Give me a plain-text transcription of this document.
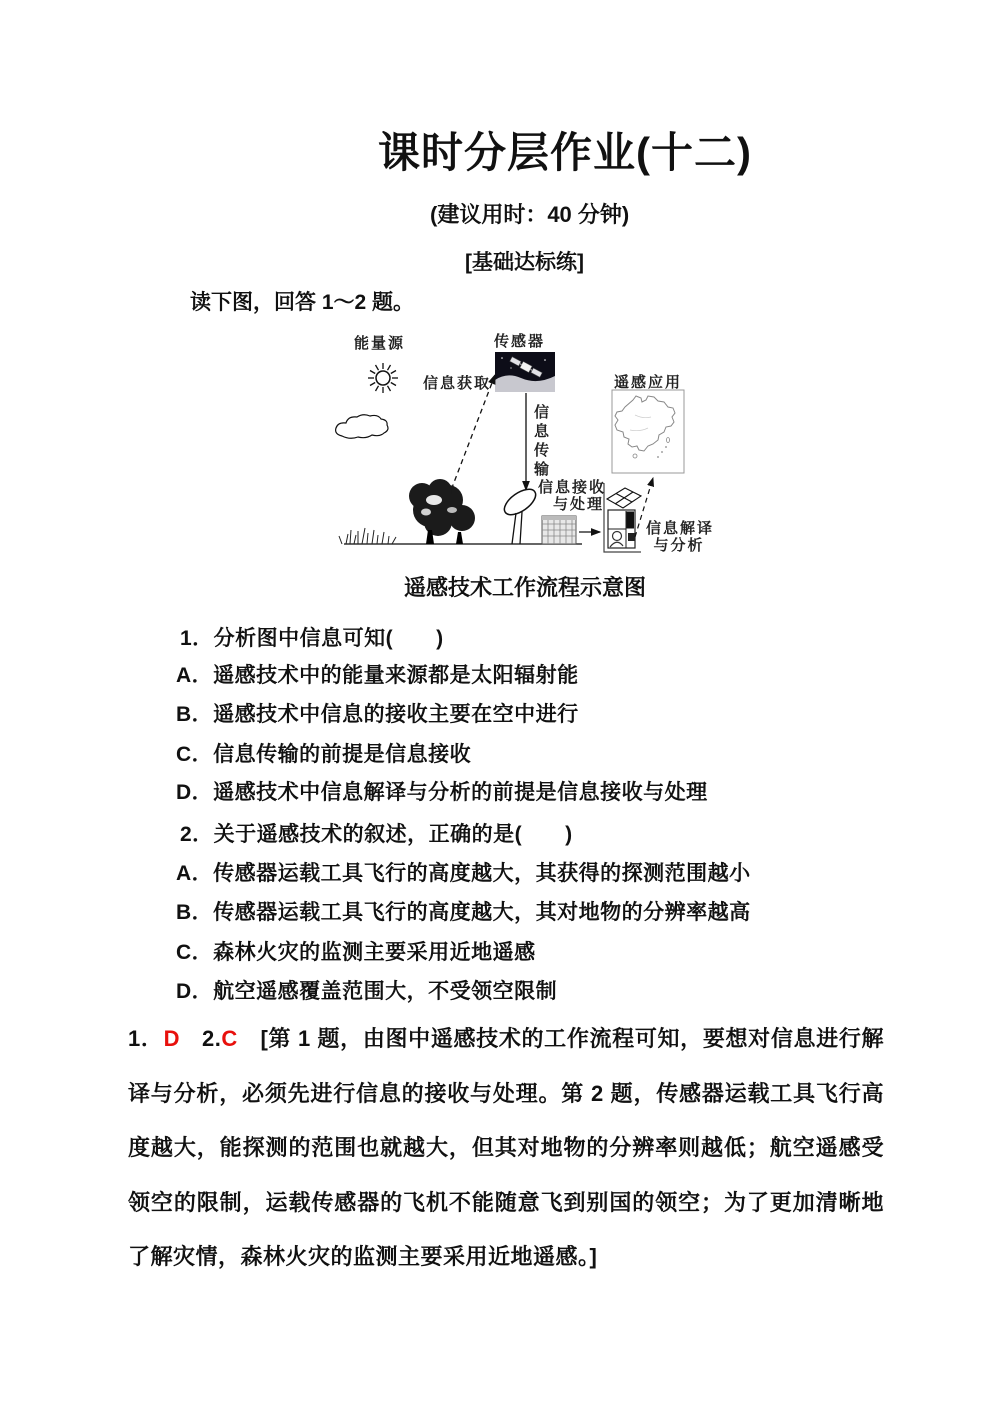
课时分层作业(十二)
(建议用时：40 分钟)
[基础达标练]
读下图，回答 1～2 题。
能量源	传感器
信息获取
信息传输
信息接收
与处理
遥感应用
信息解译
与分析
遥感技术工作流程示意图
1．分析图中信息可知(　　)
A．遥感技术中的能量来源都是太阳辐射能
B．遥感技术中信息的接收主要在空中进行
C．信息传输的前提是信息接收
D．遥感技术中信息解译与分析的前提是信息接收与处理
2．关于遥感技术的叙述，正确的是(　　)
A．传感器运载工具飞行的高度越大，其获得的探测范围越小
B．传感器运载工具飞行的高度越大，其对地物的分辨率越高
C．森林火灾的监测主要采用近地遥感
D．航空遥感覆盖范围大，不受领空限制

1．D 2.C　[第 1 题，由图中遥感技术的工作流程可知，要想对信息进行解译与分析，必须先进行信息的接收与处理。第 2 题，传感器运载工具飞行高度越大，能探测的范围也就越大，但其对地物的分辨率则越低；航空遥感受领空的限制，运载传感器的飞机不能随意飞到别国的领空；为了更加清晰地了解灾情，森林火灾的监测主要采用近地遥感。]
